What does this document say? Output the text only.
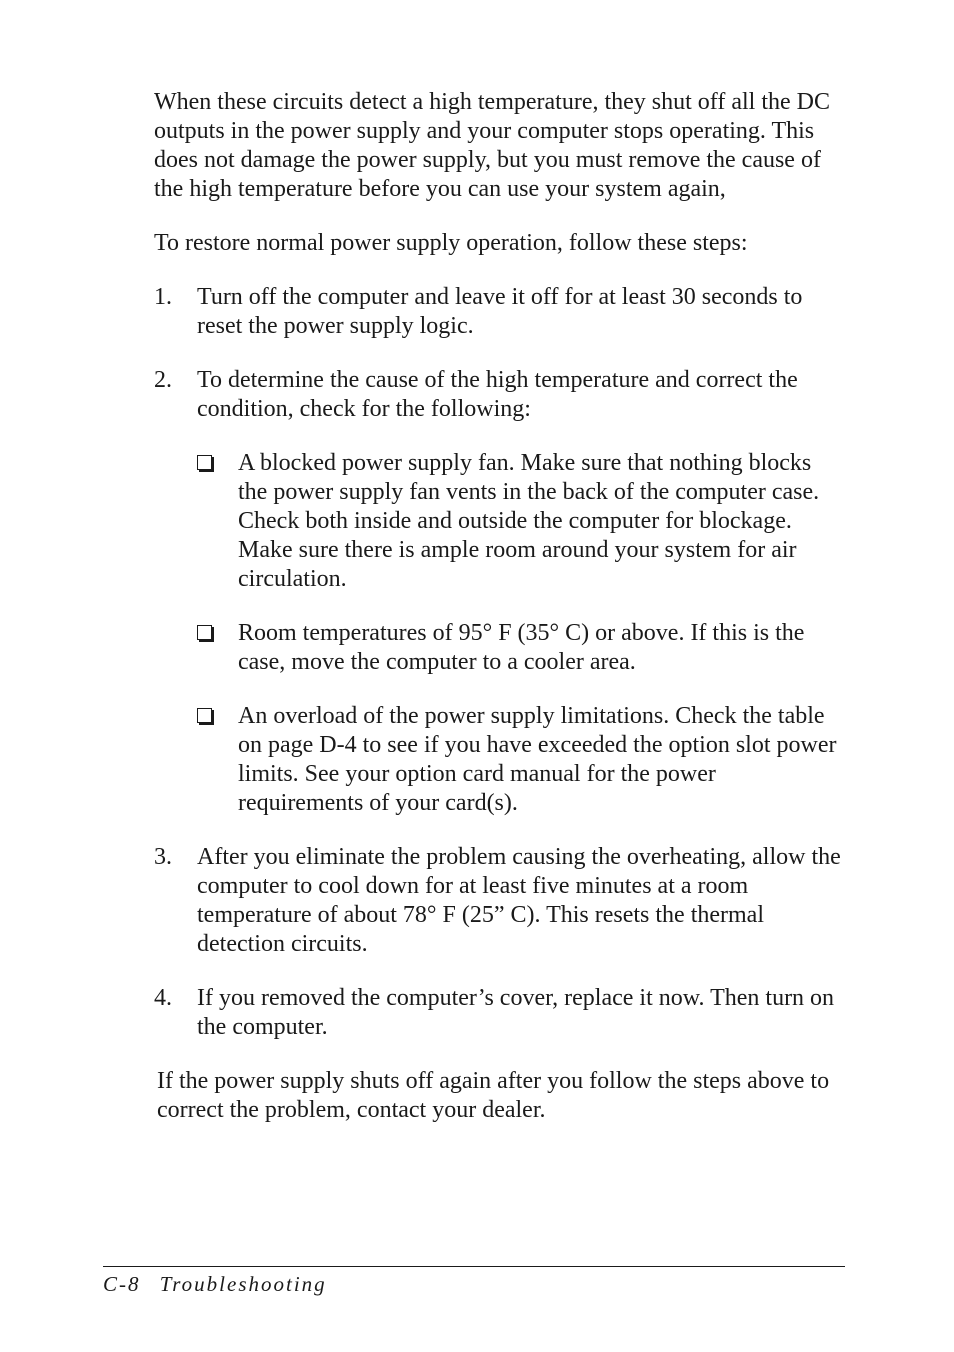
When these circuits detect a high temperature, they shut off all the DC outputs in the power supply and your computer stops operating. This does not damage the power supply, but you must remove the cause of the high temperature before you can use your system again,

To restore normal power supply operation, follow these steps:

1.	Turn off the computer and leave it off for at least 30 seconds to reset the power supply logic.
2.	To determine the cause of the high temperature and correct the condition, check for the following:

A blocked power supply fan. Make sure that nothing blocks the power supply fan vents in the back of the computer case. Check both inside and outside the computer for blockage. Make sure there is ample room around your system for air circulation.
Room temperatures of 95° F (35° C) or above. If this is the case, move the computer to a cooler area.
An overload of the power supply limitations. Check the table on page D-4 to see if you have exceeded the option slot power limits. See your option card manual for the power requirements of your card(s).
3.	After you eliminate the problem causing the overheating, allow the computer to cool down for at least five minutes at a room temperature of about 78° F (25” C). This resets the thermal detection circuits.
4.	If you removed the computer’s cover, replace it now. Then turn on the computer.

If the power supply shuts off again after you follow the steps above to correct the problem, contact your dealer.

C-8 Troubleshooting
